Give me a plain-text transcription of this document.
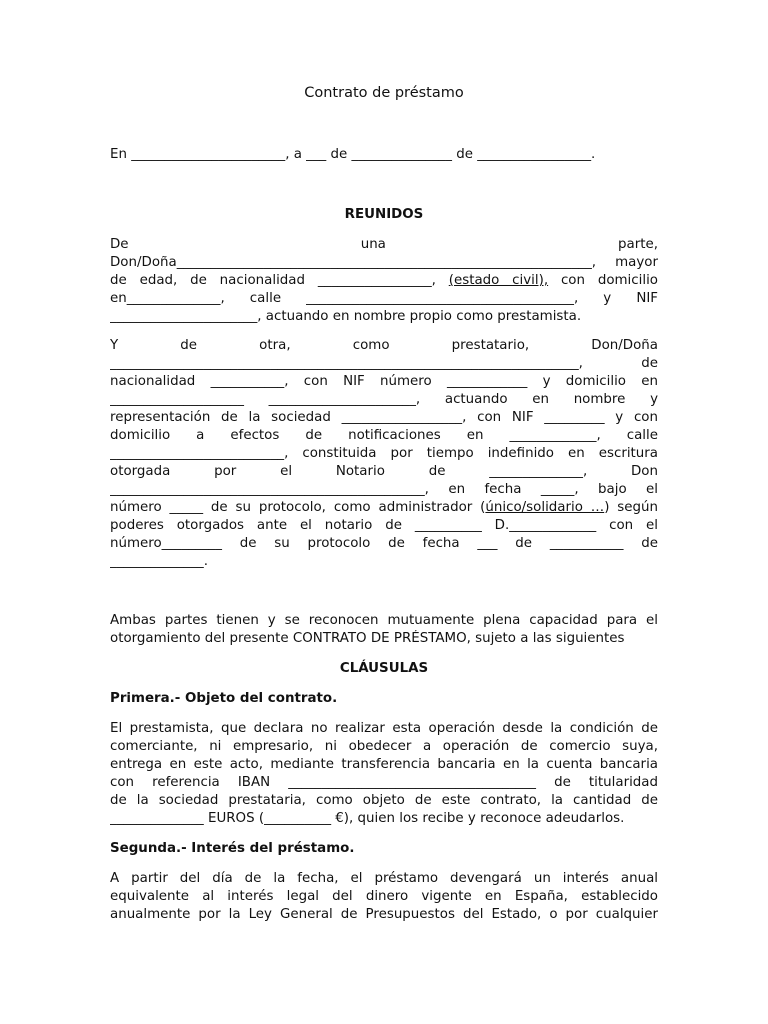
Contrato de préstamo
En _______________________, a ___ de _______________ de _________________.
REUNIDOS
De una parte,
Don/Doña______________________________________________________________, mayor
de edad, de nacionalidad _________________, (estado civil), con domicilio
en______________, calle ________________________________________, y NIF
______________________, actuando en nombre propio como prestamista.
Y de otra, como prestatario, Don/Doña
______________________________________________________________________, de
nacionalidad ___________, con NIF número ____________ y domicilio en
____________________ ______________________, actuando en nombre y
representación de la sociedad __________________, con NIF _________ y con
domicilio a efectos de notificaciones en _____________, calle
__________________________, constituida por tiempo indefinido en escritura
otorgada por el Notario de ______________, Don
_______________________________________________, en fecha _____, bajo el
número _____ de su protocolo, como administrador (único/solidario …) según
poderes otorgados ante el notario de __________ D._____________ con el
número_________ de su protocolo de fecha ___ de ___________ de
______________.
Ambas partes tienen y se reconocen mutuamente plena capacidad para el
otorgamiento del presente CONTRATO DE PRÉSTAMO, sujeto a las siguientes
CLÁUSULAS
Primera.- Objeto del contrato.
El prestamista, que declara no realizar esta operación desde la condición de
comerciante, ni empresario, ni obedecer a operación de comercio suya,
entrega en este acto, mediante transferencia bancaria en la cuenta bancaria
con referencia IBAN _____________________________________ de titularidad
de la sociedad prestataria, como objeto de este contrato, la cantidad de
______________ EUROS (__________ €), quien los recibe y reconoce adeudarlos.
Segunda.- Interés del préstamo.
A partir del día de la fecha, el préstamo devengará un interés anual
equivalente al interés legal del dinero vigente en España, establecido
anualmente por la Ley General de Presupuestos del Estado, o por cualquier
